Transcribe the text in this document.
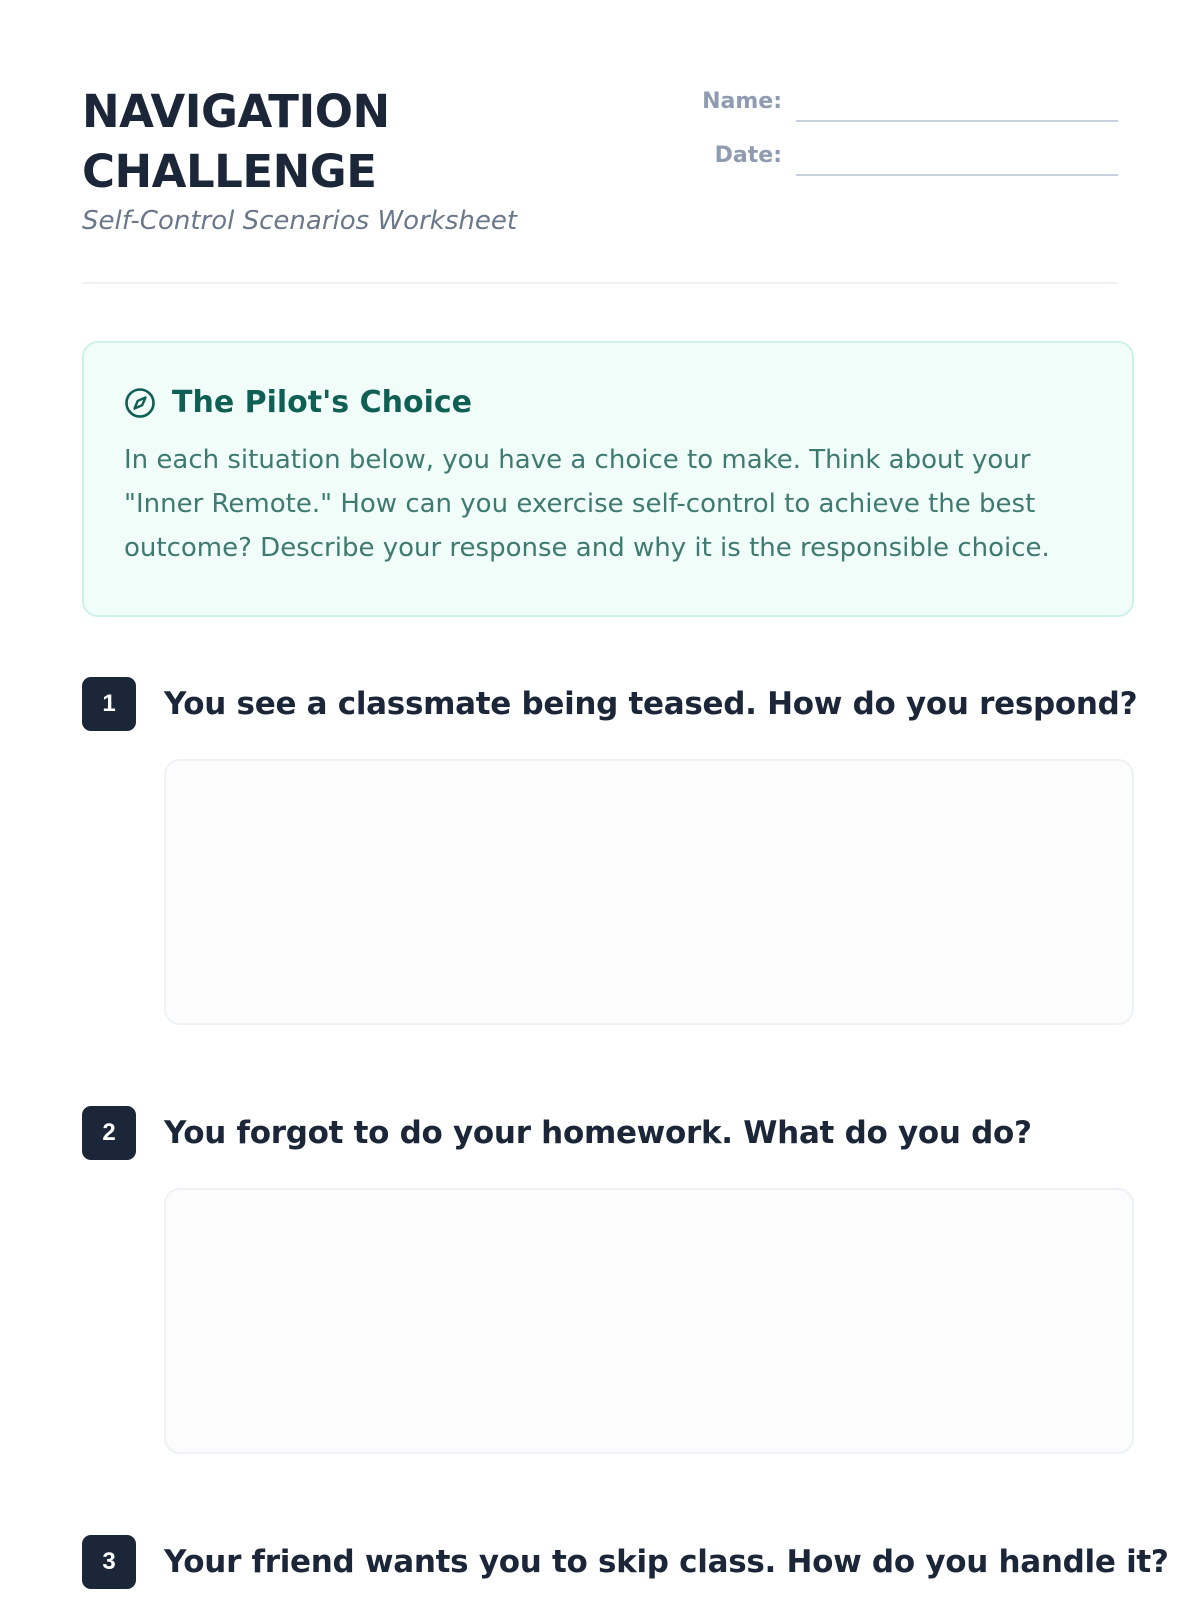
NAVIGATION
CHALLENGE
Self-Control Scenarios Worksheet
Name:
Date:
The Pilot's Choice
In each situation below, you have a choice to make. Think about your "Inner Remote." How can you exercise self-control to achieve the best outcome? Describe your response and why it is the responsible choice.
1	You see a classmate being teased. How do you respond?
2	You forgot to do your homework. What do you do?
3	Your friend wants you to skip class. How do you handle it?
